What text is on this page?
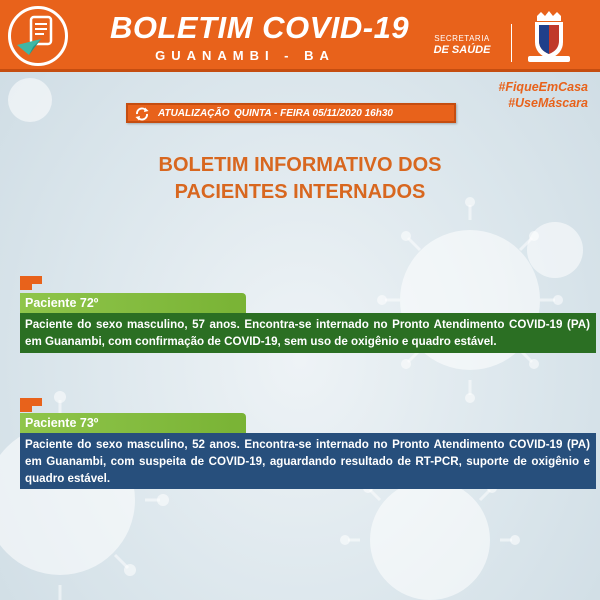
BOLETIM COVID-19
GUANAMBI - BA
SECRETARIA
DE SAÚDE
#FiqueEmCasa
#UseMáscara
ATUALIZAÇÃO QUINTA - FEIRA 05/11/2020 16h30
BOLETIM INFORMATIVO DOS
PACIENTES INTERNADOS
Paciente 72º
Paciente do sexo masculino, 57 anos. Encontra-se internado no Pronto Atendimento COVID-19 (PA) em Guanambi, com confirmação de COVID-19, sem uso de oxigênio e quadro estável.
Paciente 73º
Paciente do sexo masculino, 52 anos. Encontra-se internado no Pronto Atendimento COVID-19 (PA) em Guanambi, com suspeita de COVID-19, aguardando resultado de RT-PCR, suporte de oxigênio e quadro estável.
